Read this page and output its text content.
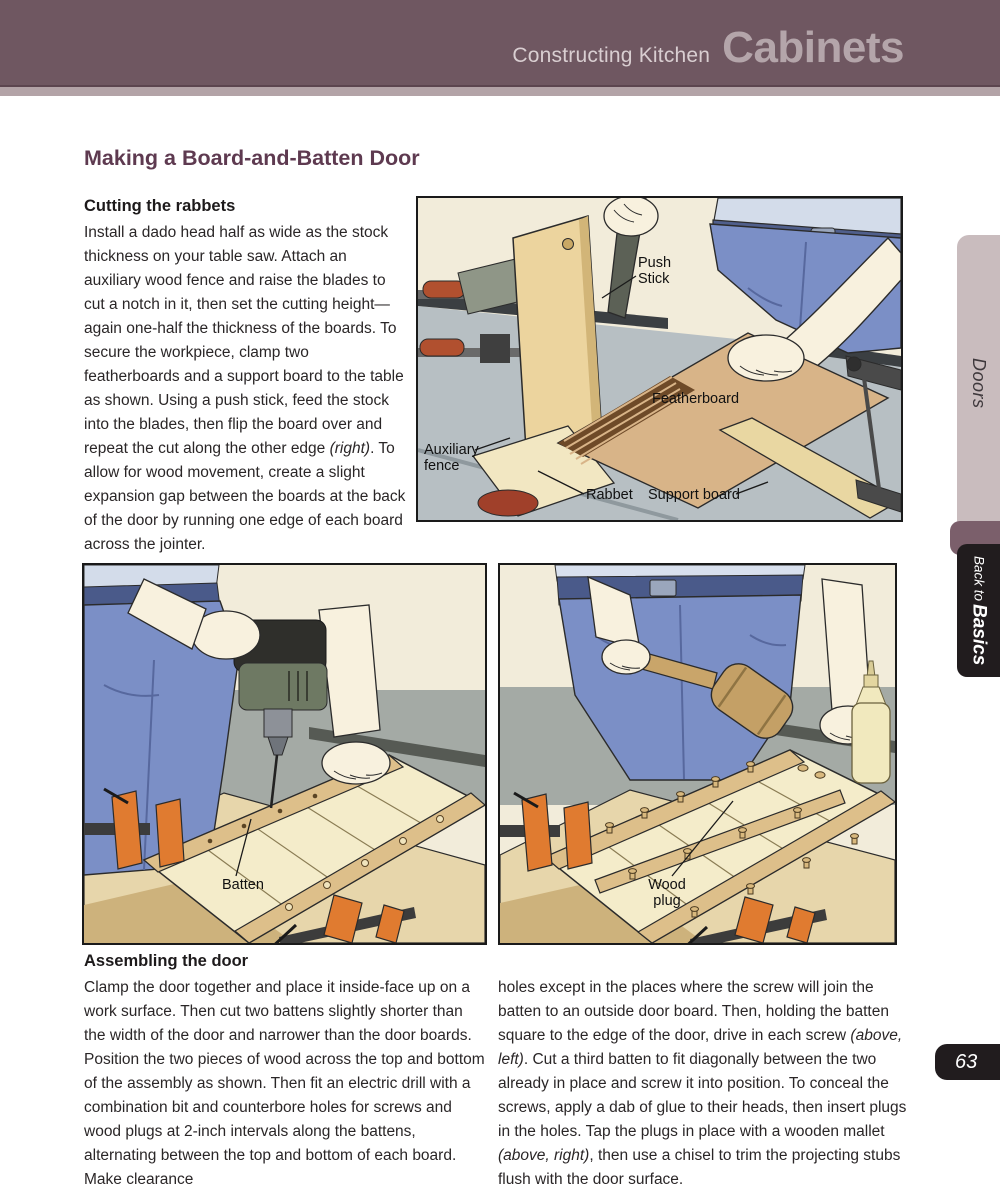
Constructing Kitchen Cabinets
Making a Board-and-Batten Door
Cutting the rabbets

Install a dado head half as wide as the stock thickness on your table saw. Attach an auxiliary wood fence and raise the blades to cut a notch in it, then set the cutting height—again one-half the thickness of the boards. To secure the workpiece, clamp two featherboards and a support board to the table as shown. Using a push stick, feed the stock into the blades, then flip the board over and repeat the cut along the other edge (right). To allow for wood movement, create a slight expansion gap between the boards at the back of the door by running one edge of each board across the jointer.

Push
Stick
Featherboard
Auxiliary
fence
Rabbet Support board
Batten	Wood
plug
Assembling the door

Clamp the door together and place it inside-face up on a work surface. Then cut two battens slightly shorter than the width of the door and narrower than the door boards. Position the two pieces of wood across the top and bottom of the assembly as shown. Then fit an electric drill with a combination bit and counterbore holes for screws and wood plugs at 2-inch intervals along the battens, alternating between the top and bottom of each board. Make clearance

holes except in the places where the screw will join the batten to an outside door board. Then, holding the batten square to the edge of the door, drive in each screw (above, left). Cut a third batten to fit diagonally between the two already in place and screw it into position. To conceal the screws, apply a dab of glue to their heads, then insert plugs in the holes. Tap the plugs in place with a wooden mallet (above, right), then use a chisel to trim the projecting stubs flush with the door surface.

Doors
Back toBasics
63
